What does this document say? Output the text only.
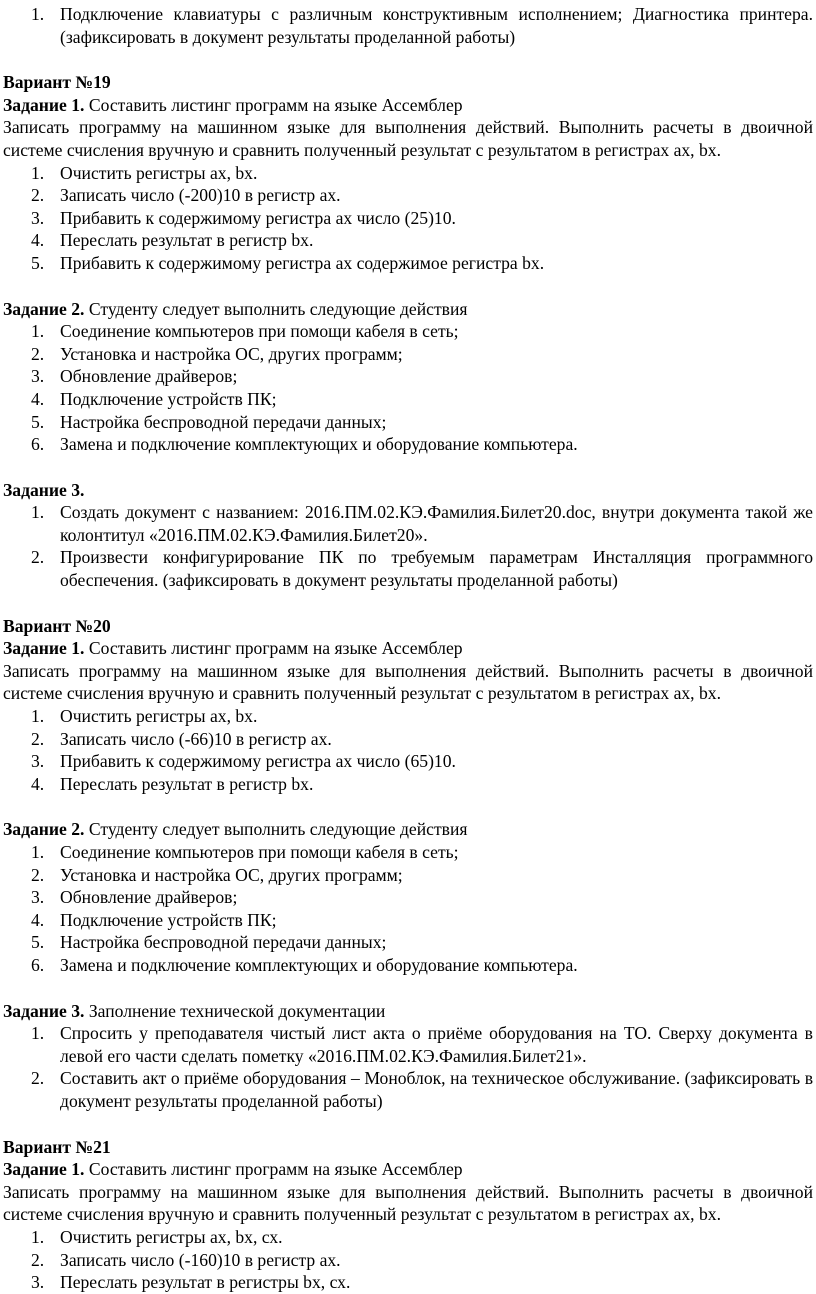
1. Подключение клавиатуры с различным конструктивным исполнением; Диагностика принтера. (зафиксировать в документ результаты проделанной работы)
Вариант №19
Задание 1. Составить листинг программ на языке Ассемблер
Записать программу на машинном языке для выполнения действий. Выполнить расчеты в двоичной системе счисления вручную и сравнить полученный результат с результатом в регистрах ах, bх.
1. Очистить регистры ах, bх.
2. Записать число (-200)10 в регистр ах.
3. Прибавить к содержимому регистра ах число (25)10.
4. Переслать результат в регистр bх.
5. Прибавить к содержимому регистра ах содержимое регистра bх.
Задание 2. Студенту следует выполнить следующие действия
1. Соединение компьютеров при помощи кабеля в сеть;
2. Установка и настройка ОС, других программ;
3. Обновление драйверов;
4. Подключение устройств ПК;
5. Настройка беспроводной передачи данных;
6. Замена и подключение комплектующих и оборудование компьютера.
Задание 3.
1. Создать документ с названием: 2016.ПМ.02.КЭ.Фамилия.Билет20.doc, внутри документа такой же колонтитул «2016.ПМ.02.КЭ.Фамилия.Билет20».
2. Произвести конфигурирование ПК по требуемым параметрам Инсталляция программного обеспечения. (зафиксировать в документ результаты проделанной работы)
Вариант №20
Задание 1. Составить листинг программ на языке Ассемблер
Записать программу на машинном языке для выполнения действий. Выполнить расчеты в двоичной системе счисления вручную и сравнить полученный результат с результатом в регистрах ах, bх.
1. Очистить регистры ах, bх.
2. Записать число (-66)10 в регистр ах.
3. Прибавить к содержимому регистра ах число (65)10.
4. Переслать результат в регистр bх.
Задание 2. Студенту следует выполнить следующие действия
1. Соединение компьютеров при помощи кабеля в сеть;
2. Установка и настройка ОС, других программ;
3. Обновление драйверов;
4. Подключение устройств ПК;
5. Настройка беспроводной передачи данных;
6. Замена и подключение комплектующих и оборудование компьютера.
Задание 3. Заполнение технической документации
1. Спросить у преподавателя чистый лист акта о приёме оборудования на ТО. Сверху документа в левой его части сделать пометку «2016.ПМ.02.КЭ.Фамилия.Билет21».
2. Составить акт о приёме оборудования – Моноблок, на техническое обслуживание. (зафиксировать в документ результаты проделанной работы)
Вариант №21
Задание 1. Составить листинг программ на языке Ассемблер
Записать программу на машинном языке для выполнения действий. Выполнить расчеты в двоичной системе счисления вручную и сравнить полученный результат с результатом в регистрах ах, bх.
1. Очистить регистры ах, bх, сх.
2. Записать число (-160)10 в регистр ах.
3. Переслать результат в регистры bх, сх.
